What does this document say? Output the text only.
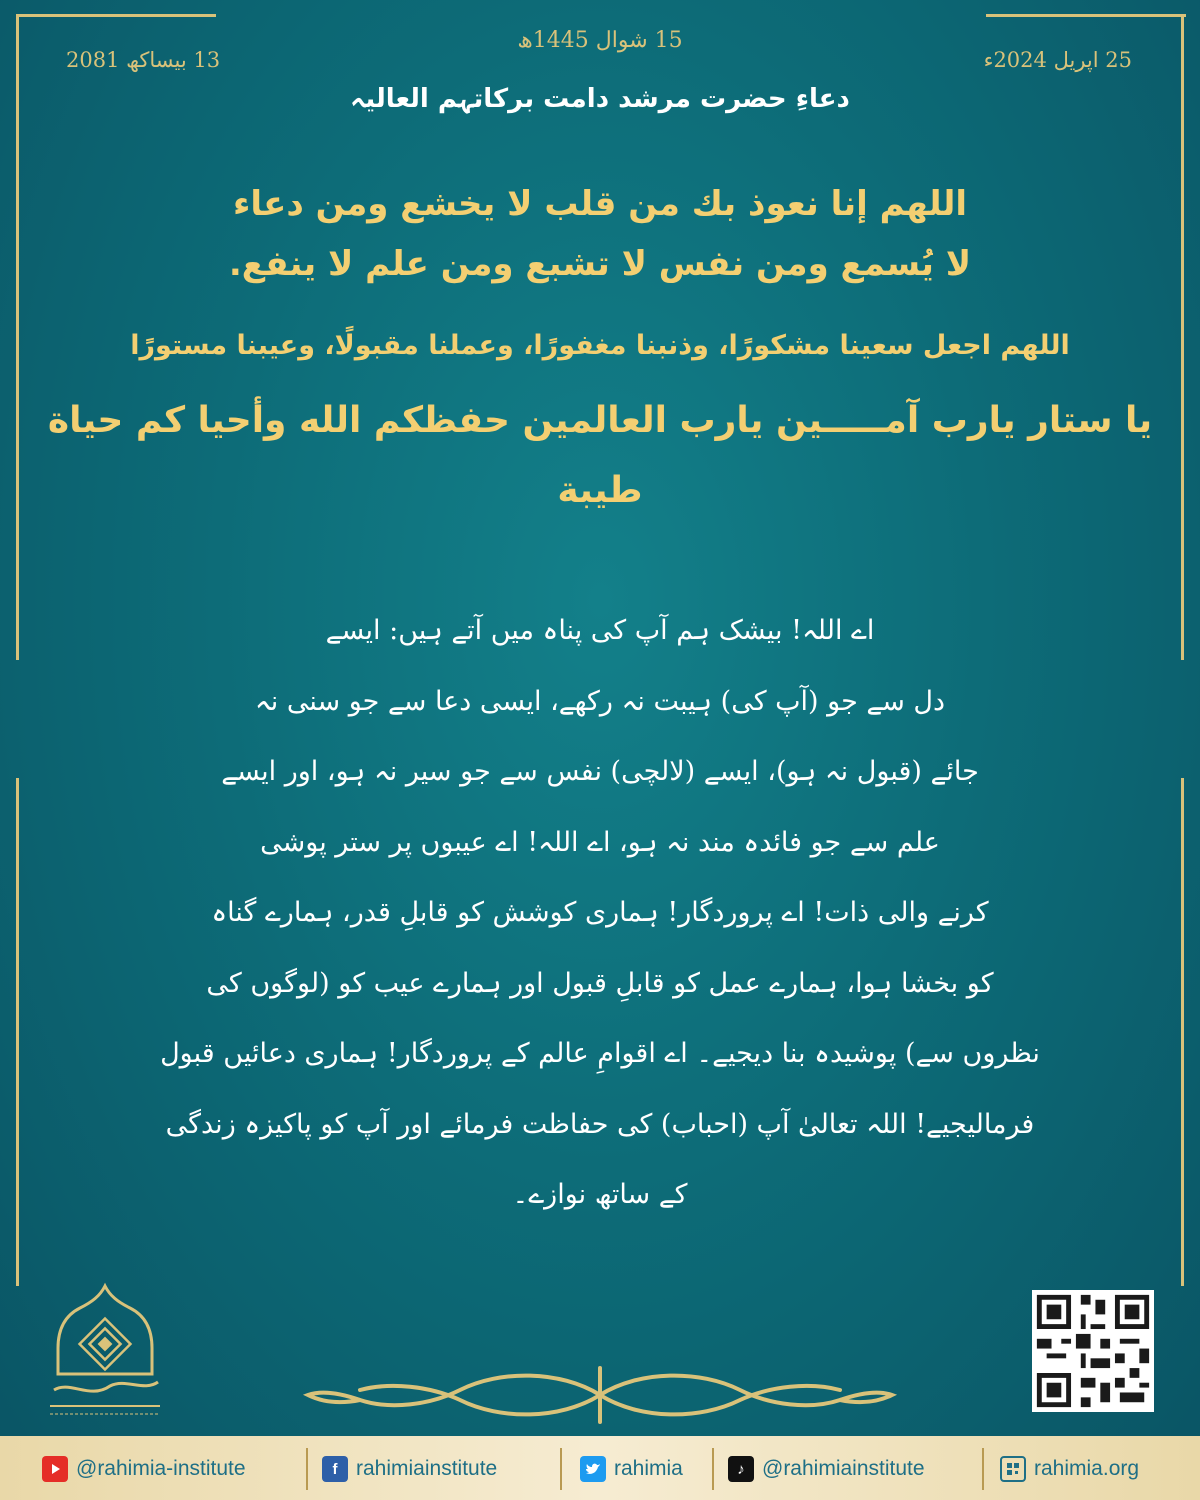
15 شوال 1445ھ
25 اپریل 2024ء
13 بیساکھ 2081
دعاءِ حضرت مرشد دامت برکاتہم العالیہ
اللهم إنا نعوذ بك من قلب لا يخشع ومن دعاء
لا يُسمع ومن نفس لا تشبع ومن علم لا ينفع.
اللهم اجعل سعينا مشكورًا، وذنبنا مغفورًا، وعملنا مقبولًا، وعيبنا مستورًا
يا ستار يارب آمـــــين يارب العالمين حفظكم الله وأحيا كم حياة
طيبة
اے اللہ! بیشک ہم آپ کی پناہ میں آتے ہیں: ایسے
دل سے جو (آپ کی) ہیبت نہ رکھے، ایسی دعا سے جو سنی نہ
جائے (قبول نہ ہو)، ایسے (لالچی) نفس سے جو سیر نہ ہو، اور ایسے
علم سے جو فائدہ مند نہ ہو، اے اللہ! اے عیبوں پر ستر پوشی
کرنے والی ذات! اے پروردگار! ہماری کوشش کو قابلِ قدر، ہمارے گناہ
کو بخشا ہوا، ہمارے عمل کو قابلِ قبول اور ہمارے عیب کو (لوگوں کی
نظروں سے) پوشیدہ بنا دیجیے۔ اے اقوامِ عالم کے پروردگار! ہماری دعائیں قبول
فرمالیجیے! اللہ تعالیٰ آپ (احباب) کی حفاظت فرمائے اور آپ کو پاکیزہ زندگی
کے ساتھ نوازے۔
@rahimia-institute	f rahimiainstitute	rahimia	♪ @rahimiainstitute	rahimia.org
